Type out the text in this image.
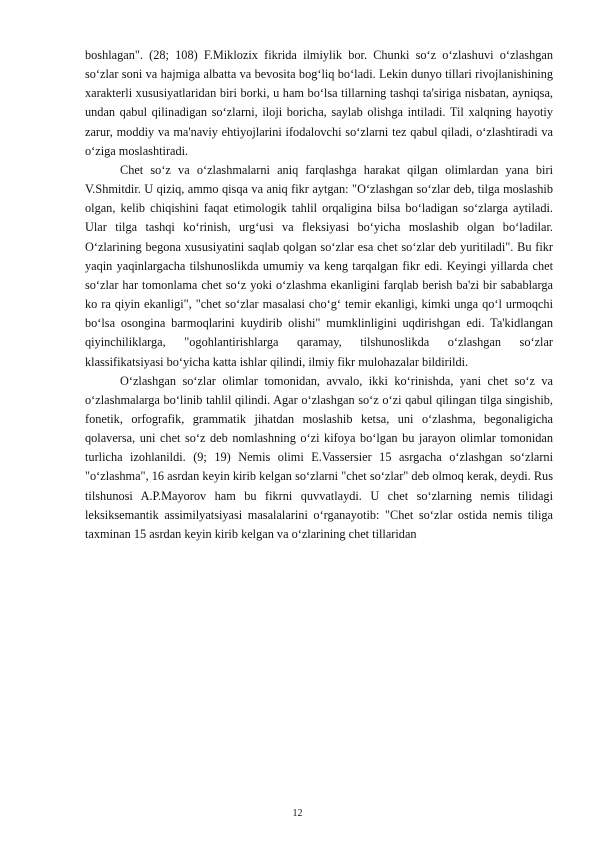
boshlagan". (28; 108) F.Miklozix fikrida ilmiylik bor. Chunki so‘z o‘zlashuvi o‘zlashgan so‘zlar soni va hajmiga albatta va bevosita bog‘liq bo‘ladi. Lekin dunyo tillari rivojlanishining xarakterli xususiyatlaridan biri borki, u ham bo‘lsa tillarning tashqi ta'siriga nisbatan, ayniqsa, undan qabul qilinadigan so‘zlarni, iloji boricha, saylab olishga intiladi. Til xalqning hayotiy zarur, moddiy va ma'naviy ehtiyojlarini ifodalovchi so‘zlarni tez qabul qiladi, o‘zlashtiradi va o‘ziga moslashtiradi.

Chet so‘z va o‘zlashmalarni aniq farqlashga harakat qilgan olimlardan yana biri V.Shmitdir. U qiziq, ammo qisqa va aniq fikr aytgan: "O‘zlashgan so‘zlar deb, tilga moslashib olgan, kelib chiqishini faqat etimologik tahlil orqaligina bilsa bo‘ladigan so‘zlarga aytiladi. Ular tilga tashqi ko‘rinish, urg‘usi va fleksiyasi bo‘yicha moslashib olgan bo‘ladilar. O‘zlarining begona xususiyatini saqlab qolgan so‘zlar esa chet so‘zlar deb yuritiladi". Bu fikr yaqin yaqinlargacha tilshunoslikda umumiy va keng tarqalgan fikr edi. Keyingi yillarda chet so‘zlar har tomonlama chet so‘z yoki o‘zlashma ekanligini farqlab berish ba'zi bir sabablarga ko ra qiyin ekanligi", "chet so‘zlar masalasi cho‘g‘ temir ekanligi, kimki unga qo‘l urmoqchi bo‘lsa osongina barmoqlarini kuydirib olishi" mumklinligini uqdirishgan edi. Ta'kidlangan qiyinchiliklarga, "ogohlantirishlarga qaramay, tilshunoslikda o‘zlashgan so‘zlar klassifikatsiyasi bo‘yicha katta ishlar qilindi, ilmiy fikr mulohazalar bildirildi.

O‘zlashgan so‘zlar olimlar tomonidan, avvalo, ikki ko‘rinishda, yani chet so‘z va o‘zlashmalarga bo‘linib tahlil qilindi. Agar o‘zlashgan so‘z o‘zi qabul qilingan tilga singishib, fonetik, orfografik, grammatik jihatdan moslashib ketsa, uni o‘zlashma, begonaligicha qolaversa, uni chet so‘z deb nomlashning o‘zi kifoya bo‘lgan bu jarayon olimlar tomonidan turlicha izohlanildi. (9; 19) Nemis olimi E.Vassersier 15 asrgacha o‘zlashgan so‘zlarni "o‘zlashma", 16 asrdan keyin kirib kelgan so‘zlarni "chet so‘zlar" deb olmoq kerak, deydi. Rus tilshunosi A.P.Mayorov ham bu fikrni quvvatlaydi. U chet so‘zlarning nemis tilidagi leksiksemantik assimilyatsiyasi masalalarini o‘rganayotib: "Chet so‘zlar ostida nemis tiliga taxminan 15 asrdan keyin kirib kelgan va o‘zlarining chet tillaridan

12
